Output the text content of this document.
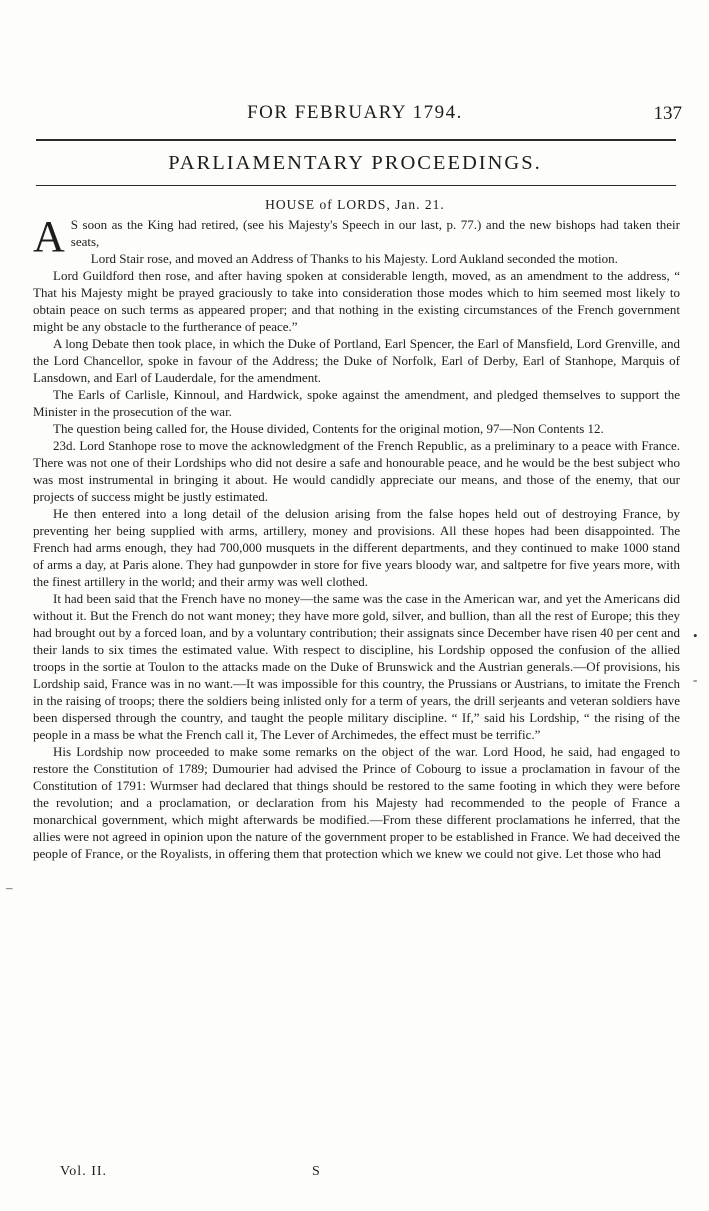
FOR FEBRUARY 1794.	137
PARLIAMENTARY PROCEEDINGS.
HOUSE of LORDS, Jan. 21.

A S soon as the King had retired, (see his Majesty's Speech in our last, p. 77.) and the new bishops had taken their seats,

Lord Stair rose, and moved an Address of Thanks to his Majesty. Lord Aukland seconded the motion.

Lord Guildford then rose, and after having spoken at considerable length, moved, as an amendment to the address, “ That his Majesty might be prayed graciously to take into consideration those modes which to him seemed most likely to obtain peace on such terms as appeared proper; and that nothing in the existing circumstances of the French government might be any obstacle to the furtherance of peace.”

A long Debate then took place, in which the Duke of Portland, Earl Spencer, the Earl of Mansfield, Lord Grenville, and the Lord Chancellor, spoke in favour of the Address; the Duke of Norfolk, Earl of Derby, Earl of Stanhope, Marquis of Lansdown, and Earl of Lauderdale, for the amendment.

The Earls of Carlisle, Kinnoul, and Hardwick, spoke against the amendment, and pledged themselves to support the Minister in the prosecution of the war.

The question being called for, the House divided, Contents for the original motion, 97—Non Contents 12.

23d. Lord Stanhope rose to move the acknowledgment of the French Republic, as a preliminary to a peace with France. There was not one of their Lordships who did not desire a safe and honourable peace, and he would be the best subject who was most instrumental in bringing it about. He would candidly appreciate our means, and those of the enemy, that our projects of success might be justly estimated.

He then entered into a long detail of the delusion arising from the false hopes held out of destroying France, by preventing her being supplied with arms, artillery, money and provisions. All these hopes had been disappointed. The French had arms enough, they had 700,000 musquets in the different departments, and they continued to make 1000 stand of arms a day, at Paris alone. They had gunpowder in store for five years bloody war, and saltpetre for five years more, with the finest artillery in the world; and their army was well clothed.

It had been said that the French have no money—the same was the case in the American war, and yet the Americans did without it. But the French do not want money; they have more gold, silver, and bullion, than all the rest of Europe; this they had brought out by a forced loan, and by a voluntary contribution; their assignats since December have risen 40 per cent and their lands to six times the estimated value. With respect to discipline, his Lordship opposed the confusion of the allied troops in the sortie at Toulon to the attacks made on the Duke of Brunswick and the Austrian generals.—Of provisions, his Lordship said, France was in no want.—It was impossible for this country, the Prussians or Austrians, to imitate the French in the raising of troops; there the soldiers being inlisted only for a term of years, the drill serjeants and veteran soldiers have been dispersed through the country, and taught the people military discipline. “ If,” said his Lordship, “ the rising of the people in a mass be what the French call it, The Lever of Archimedes, the effect must be terrific.”

His Lordship now proceeded to make some remarks on the object of the war. Lord Hood, he said, had engaged to restore the Constitution of 1789; Dumourier had advised the Prince of Cobourg to issue a proclamation in favour of the Constitution of 1791: Wurmser had declared that things should be restored to the same footing in which they were before the revolution; and a proclamation, or declaration from his Majesty had recommended to the people of France a monarchical government, which might afterwards be modified.—From these different proclamations he inferred, that the allies were not agreed in opinion upon the nature of the government proper to be established in France. We had deceived the people of France, or the Royalists, in offering them that protection which we knew we could not give. Let those who had

•
-
–
Vol. II.	S
